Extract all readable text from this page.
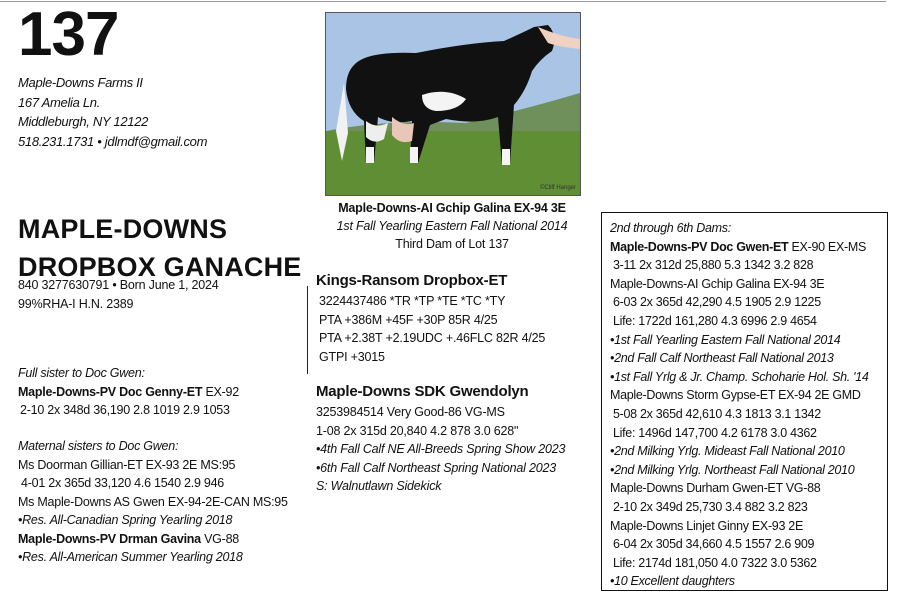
137
Maple-Downs Farms II
167 Amelia Ln.
Middleburgh, NY 12122
518.231.1731 • jdlmdf@gmail.com
MAPLE-DOWNS
DROPBOX GANACHE
840 3277630791 • Born June 1, 2024
99%RHA-I H.N. 2389
Full sister to Doc Gwen:
Maple-Downs-PV Doc Genny-ET EX-92
2-10 2x 348d 36,190 2.8 1019 2.9 1053
Maternal sisters to Doc Gwen:
Ms Doorman Gillian-ET EX-93 2E MS:95
4-01 2x 365d 33,120 4.6 1540 2.9 946
Ms Maple-Downs AS Gwen EX-94-2E-CAN MS:95
•Res. All-Canadian Spring Yearling 2018
Maple-Downs-PV Drman Gavina VG-88
•Res. All-American Summer Yearling 2018
©Cliff Hanger
Maple-Downs-AI Gchip Galina EX-94 3E
1st Fall Yearling Eastern Fall National 2014
Third Dam of Lot 137
Kings-Ransom Dropbox-ET
3224437486 *TR *TP *TE *TC *TY
PTA +386M +45F +30P 85R 4/25
PTA +2.38T +2.19UDC +.46FLC 82R 4/25
GTPI +3015
Maple-Downs SDK Gwendolyn
3253984514 Very Good-86 VG-MS
1-08 2x 315d 20,840 4.2 878 3.0 628"
•4th Fall Calf NE All-Breeds Spring Show 2023
•6th Fall Calf Northeast Spring National 2023
S: Walnutlawn Sidekick
2nd through 6th Dams:
Maple-Downs-PV Doc Gwen-ET EX-90 EX-MS
3-11 2x 312d 25,880 5.3 1342 3.2 828
Maple-Downs-AI Gchip Galina EX-94 3E
6-03 2x 365d 42,290 4.5 1905 2.9 1225
Life: 1722d 161,280 4.3 6996 2.9 4654
•1st Fall Yearling Eastern Fall National 2014
•2nd Fall Calf Northeast Fall National 2013
•1st Fall Yrlg & Jr. Champ. Schoharie Hol. Sh. '14
Maple-Downs Storm Gypse-ET EX-94 2E GMD
5-08 2x 365d 42,610 4.3 1813 3.1 1342
Life: 1496d 147,700 4.2 6178 3.0 4362
•2nd Milking Yrlg. Mideast Fall National 2010
•2nd Milking Yrlg. Northeast Fall National 2010
Maple-Downs Durham Gwen-ET VG-88
2-10 2x 349d 25,730 3.4 882 3.2 823
Maple-Downs Linjet Ginny EX-93 2E
6-04 2x 305d 34,660 4.5 1557 2.6 909
Life: 2174d 181,050 4.0 7322 3.0 5362
•10 Excellent daughters
